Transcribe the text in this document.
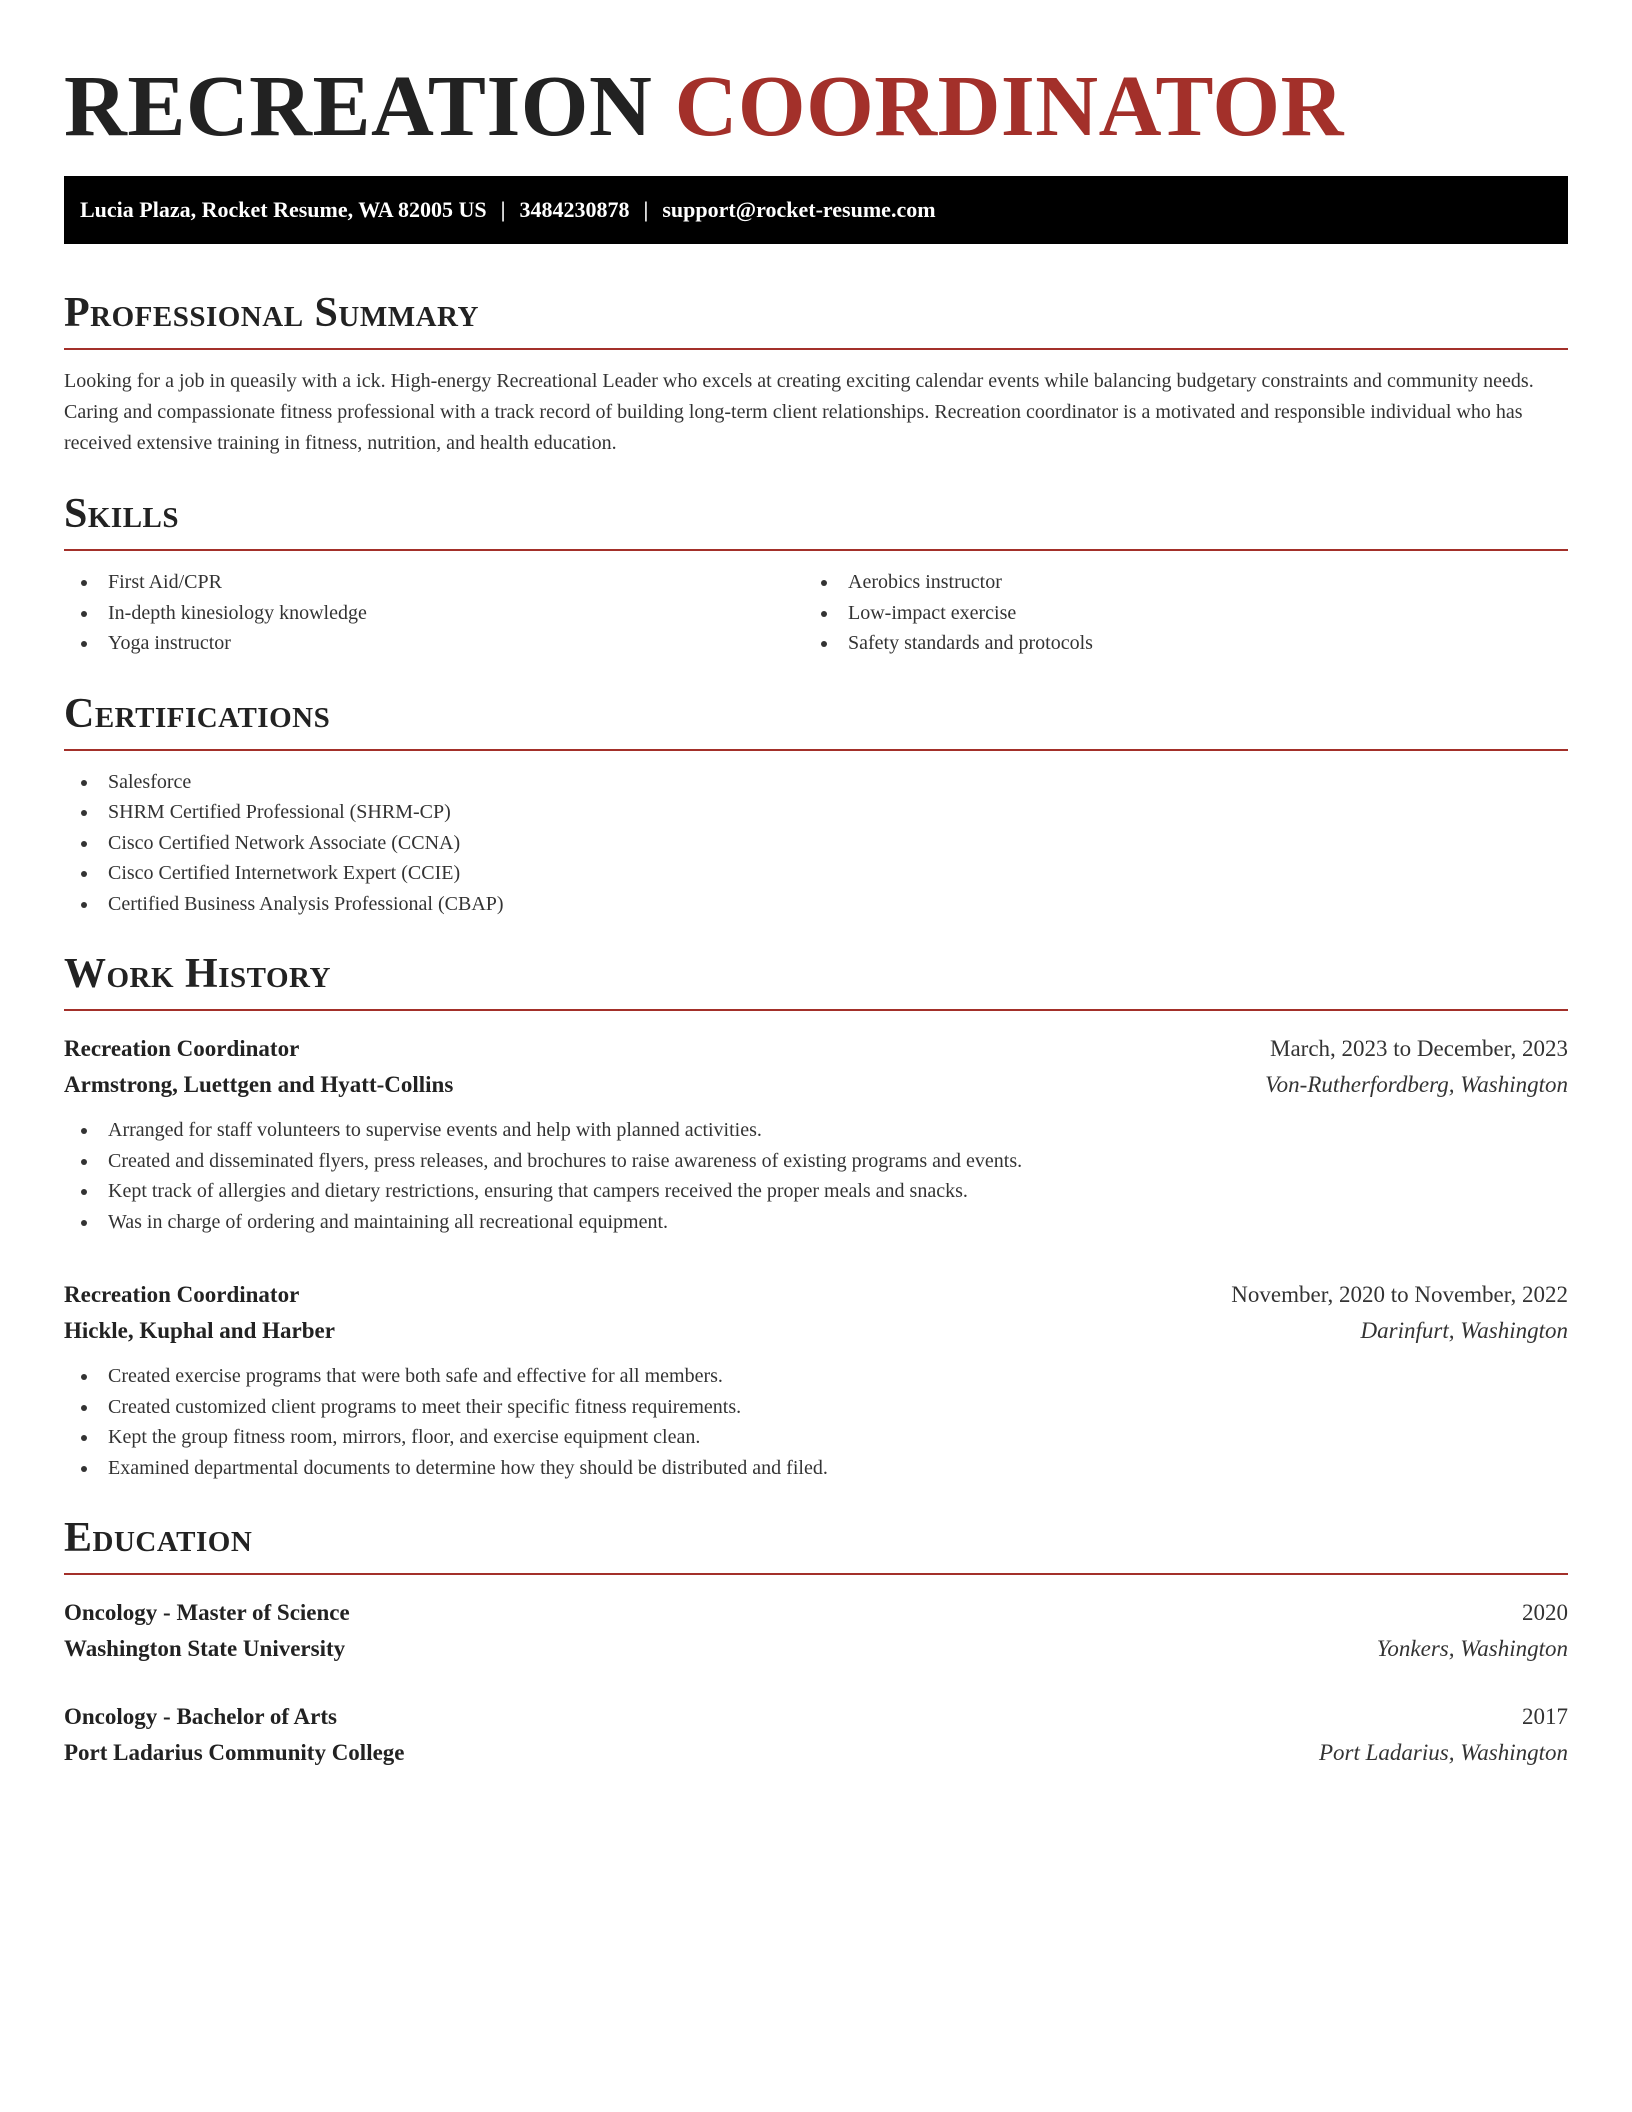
RECREATION COORDINATOR
Lucia Plaza, Rocket Resume, WA 82005 US | 3484230878 | support@rocket-resume.com
Professional Summary

Looking for a job in queasily with a ick. High-energy Recreational Leader who excels at creating exciting calendar events while balancing budgetary constraints and community needs. Caring and compassionate fitness professional with a track record of building long-term client relationships. Recreation coordinator is a motivated and responsible individual who has received extensive training in fitness, nutrition, and health education.

Skills
First Aid/CPR
In-depth kinesiology knowledge
Yoga instructor
Aerobics instructor
Low-impact exercise
Safety standards and protocols
Certifications
Salesforce
SHRM Certified Professional (SHRM-CP)
Cisco Certified Network Associate (CCNA)
Cisco Certified Internetwork Expert (CCIE)
Certified Business Analysis Professional (CBAP)
Work History
Recreation Coordinator	March, 2023 to December, 2023
Armstrong, Luettgen and Hyatt-Collins	Von-Rutherfordberg, Washington
Arranged for staff volunteers to supervise events and help with planned activities.
Created and disseminated flyers, press releases, and brochures to raise awareness of existing programs and events.
Kept track of allergies and dietary restrictions, ensuring that campers received the proper meals and snacks.
Was in charge of ordering and maintaining all recreational equipment.
Recreation Coordinator	November, 2020 to November, 2022
Hickle, Kuphal and Harber	Darinfurt, Washington
Created exercise programs that were both safe and effective for all members.
Created customized client programs to meet their specific fitness requirements.
Kept the group fitness room, mirrors, floor, and exercise equipment clean.
Examined departmental documents to determine how they should be distributed and filed.
Education
Oncology - Master of Science	2020
Washington State University	Yonkers, Washington
Oncology - Bachelor of Arts	2017
Port Ladarius Community College	Port Ladarius, Washington
